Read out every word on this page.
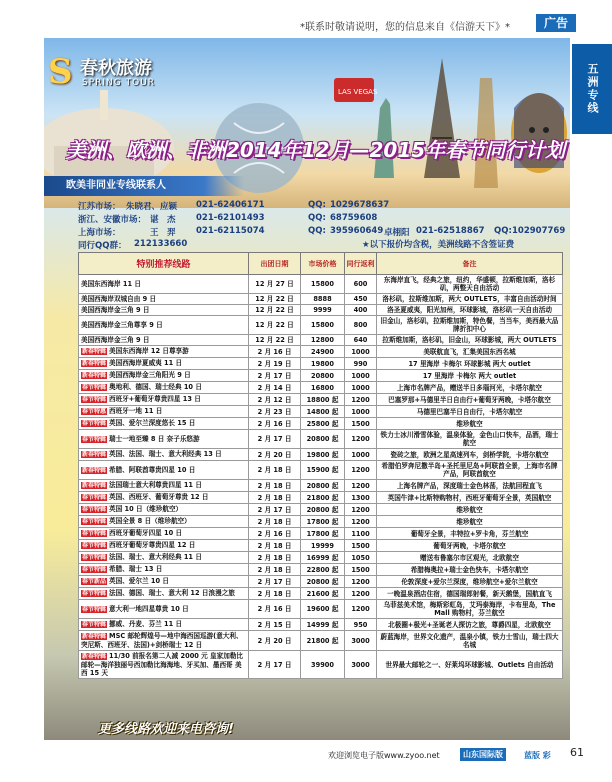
*联系时敬请说明，您的信息来自《信游天下》*	广告
五洲专线
LAS VEGAS
S 春秋旅游
SPRING TOUR
美洲、欧洲、非洲2014年12月—2015年春节同行计划
欧美非同业专线联系人
江苏市场： 朱晓君、应颖 021-62406171	QQ: 1029678637
浙江、安徽市场： 谌　杰 021-62101493	QQ: 68759608
上海市场：	王　羿 021-62115074	QQ: 395960649 卓栩阳 021-62518867 QQ: 102907769
同行QQ群： 212133660	★以下报价均含税，美洲线路不含签证费
特别推荐线路	出团日期	市场价格	同行返利	备注
美国东西海岸 11 日	12 月 27 日	15800	600	东海岸直飞，经典之旅，纽约，华盛顿，拉斯维加斯，洛杉矶，两整天自由活动
美国西海岸双城自由 9 日	12 月 22 日	8888	450	洛杉矶，拉斯维加斯，两大 OUTLETS，丰富自由活动时间
美国西海岸金三角 9 日	12 月 22 日	9999	400	洛圣夏威夷，阳光加州，环球影城，洛杉矶一天自由活动
美国西海岸金三角尊享 9 日	12 月 22 日	15800	800	旧金山，洛杉矶，拉斯维加斯，特色餐，当当车，美西最大品牌折扣中心
美国西海岸金三角 9 日	12 月 22 日	12800	640	拉斯维加斯，洛杉矶，旧金山，环球影城，两大 OUTLETS
新春特辑 美国东西海岸 12 日尊享游	2 月 16 日	24900	1000	美联航直飞，汇集美国东西名城
新春特辑 美国西海岸夏威夷 11 日	2 月 19 日	19800	990	17 里海岸 卡梅尔 环球影城 两大 outlet
新春特辑 美国西海岸金三角阳光 9 日	2 月 17 日	20800	1000	17 里海岸 卡梅尔 两大 outlet
春节特辑 奥地利、德国、瑞士经典 10 日	2 月 14 日	16800	1000	上海市名牌产品，赠送半日多瑙河光，卡塔尔航空
春节特辑 西班牙+葡萄牙尊贵四星 13 日	2 月 12 日	18800 起	1200	巴塞罗那+马德里半日自由行+葡萄牙两晚，卡塔尔航空
春节特惠 西班牙一地 11 日	2 月 23 日	14800 起	1000	马德里巴塞半日自由行，卡塔尔航空
春节特辑 英国、爱尔兰深度悠长 15 日	2 月 16 日	25800 起	1500	维珍航空
春节特辑 瑞士一地至臻 8 日 奈子乐悠游	2 月 17 日	20800 起	1200	铁力士冰川滑雪体验，温泉体验，金色山口快车，品酒，瑞士航空
新春特辑 英国、法国、瑞士、意大利经典 13 日	2 月 20 日	19800 起	1000	瓷砖之旅，欧洲之星高速列车，剑桥学院，卡塔尔航空
新春特辑 希腊、阿联酋尊贵四星 10 日	2 月 18 日	15900 起	1200	希腊伯罗奔尼撒半岛+圣托里尼岛+阿联酋全景，上海市名牌产品，阿联酋航空
新春特辑 法国瑞士意大利尊贵四星 11 日	2 月 18 日	20800 起	1200	上海名牌产品，深度瑞士金色林荡，法航回程直飞
春节特辑 英国、西班牙、葡萄牙尊贵 12 日	2 月 18 日	21800 起	1300	英国牛津+比斯特购物村，西班牙葡萄牙全景，英国航空
春节特辑 英国 10 日（维珍航空）	2 月 17 日	20800 起	1200	维珍航空
春节特辑 英国全景 8 日（维珍航空）	2 月 18 日	17800 起	1200	维珍航空
春节特辑 西班牙葡萄牙四星 10 日	2 月 16 日	17800 起	1100	葡萄牙全景，丰特拉+罗卡角，芬兰航空
春节特辑 西班牙葡萄牙尊贵四星 12 日	2 月 18 日	19999	1500	葡萄牙两晚，卡塔尔航空
春节特辑 法国、瑞士、意大利经典 11 日	2 月 18 日	16999 起	1050	赠送布鲁塞尔市区观光，北欧航空
春节特辑 希腊、瑞士 13 日	2 月 18 日	22800 起	1500	希腊梅奥拉+瑞士金色快车，卡塔尔航空
春节新品 英国、爱尔兰 10 日	2 月 17 日	20800 起	1200	伦敦深度+爱尔兰深度，维珍航空+爱尔兰航空
春节特辑 法国、德国、瑞士、意大利 12 日浪漫之旅	2 月 18 日	21600 起	1200	一晚温泉酒店住宿，德国瑞郎射餐，新天鹅堡，国航直飞
春节特辑 意大利一地四星尊贵 10 日	2 月 16 日	19600 起	1200	乌菲兹美术馆，梅斯彩虹岛，艾玛泰海岸，卡布里岛，The Mall 购物村，芬兰航空
春节特辑 挪威、丹麦、芬兰 11 日	2 月 15 日	14999 起	950	北极圈+极光+圣诞老人探访之旅，尊爵四星，北欧航空
新春特辑 MSC 邮轮辉煌号—地中海西国巡游(意大利、突尼斯、西班牙、法国)+剑桥瑞士 12 日	2 月 20 日	21800 起	3000	蔚蓝海岸，世界文化遗产，温泉小镇，铁力士雪山，瑞士四大名城
新春特辑 11/30 前报名第二人减 2000 元 皇家加勒比邮轮—海洋独丽号西加勒比海海地、牙买加、墨西哥 美西 15 天	2 月 17 日	39900	3000	世界最大邮轮之一、好莱坞环球影城、Outlets 自由活动
更多线路欢迎来电咨询!
欢迎浏览电子版www.zyoo.net	山东国际版	蓝版 彩 61
